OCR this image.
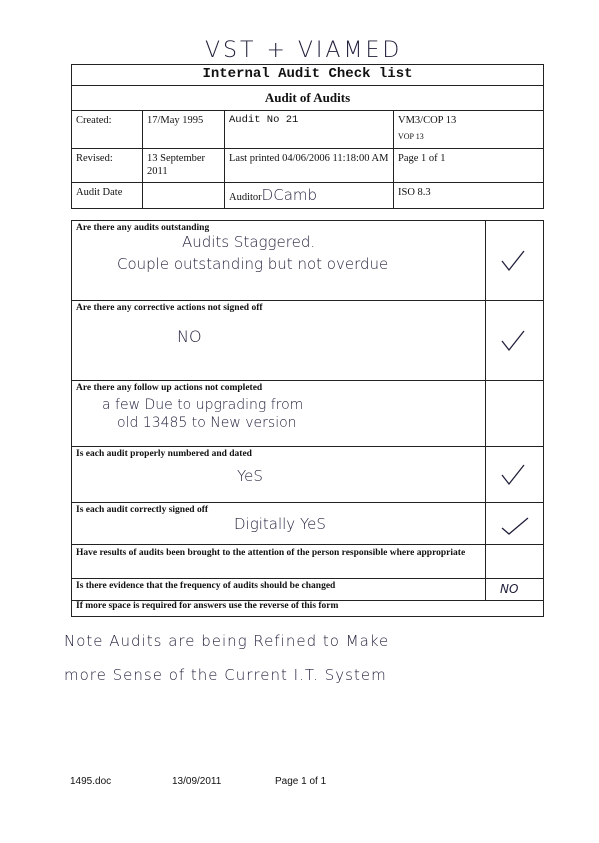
VST + VIAMED
Internal Audit Check list			
Audit of Audits			
Created:	17/May 1995	Audit No 21	VM3/COP 13
VOP 13

Revised:	13 September 2011	Last printed 04/06/2006 11:18:00 AM	Page 1 of 1
Audit Date		AuditorDCamb	ISO 8.3
Are there any audits outstanding
Audits Staggered.
Couple outstanding but not overdue
Are there any corrective actions not signed off
NO
Are there any follow up actions not completed
a few Due to upgrading from
old 13485 to New version
Is each audit properly numbered and dated
YeS
Is each audit correctly signed off
Digitally YeS
Have results of audits been brought to the attention of the person responsible where appropriate
Is there evidence that the frequency of audits should be changed	NO
If more space is required for answers use the reverse of this form
Note Audits are being Refined to Make
more Sense of the Current I.T. System
1495.doc	13/09/2011	Page 1 of 1
